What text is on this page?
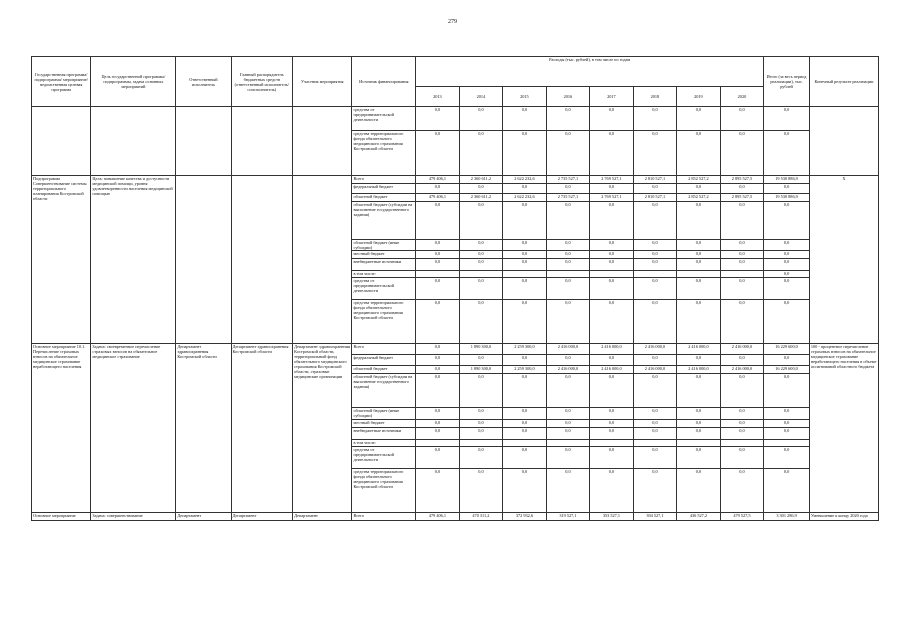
279
Государственная программа/подпрограмма/ мероприятие/ ведомственная целевая программа	Цель государственной программы/подпрограммы, задача основных мероприятий	Ответственный исполнитель	Главный распорядитель бюджетных средств (ответственный исполнитель/ соисполнитель)	Участник мероприятия	Источник финансирования	Расходы (тыс. рублей), в том числе по годам								Итого (за весь период реализации), тыс. рублей	Конечный результат реализации
						2013	2014	2015	2016	2017	2018	2019	2020		
					средства от предпринимательской деятельности	0,0	0,0	0,0	0,0	0,0	0,0	0,0	0,0	0,0	
					средства территориального фонда обязательного медицинского страхования Костромской области	0,0	0,0	0,0	0,0	0,0	0,0	0,0	0,0	0,0	
Подпрограмма Совершенствование системы территориального планирования Костромской области	Цель: повышение качества и доступности медицинской помощи, уровня удовлетворенности населения медицинской помощью				Всего	479 406,1	2 360 611,2	2 622 232,6	2 735 527,1	2 769 527,1	2 810 527,1	2 852 527,2	2 895 527,5	19 530 886,9	X
					федеральный бюджет	0,0	0,0	0,0	0,0	0,0	0,0	0,0	0,0	0,0	
					областной бюджет	479 406,1	2 360 611,2	2 622 232,6	2 735 527,1	2 769 527,1	2 810 527,1	2 852 527,2	2 895 527,5	19 530 886,9	
					областной бюджет (субсидии на выполнение государственного задания)	0,0	0,0	0,0	0,0	0,0	0,0	0,0	0,0	0,0	
					областной бюджет (иные субсидии)	0,0	0,0	0,0	0,0	0,0	0,0	0,0	0,0	0,0	
					местный бюджет	0,0	0,0	0,0	0,0	0,0	0,0	0,0	0,0	0,0	
					внебюджетные источники	0,0	0,0	0,0	0,0	0,0	0,0	0,0	0,0	0,0	
					в том числе:									0,0	
					средства от предпринимательской деятельности	0,0	0,0	0,0	0,0	0,0	0,0	0,0	0,0	0,0	
					средства территориального фонда обязательного медицинского страхования Костромской области	0,0	0,0	0,0	0,0	0,0	0,0	0,0	0,0	0,0	
Основное мероприятие 10.1. Перечисление страховых взносов на обязательное медицинское страхование неработающего населения	Задача: своевременное перечисление страховых взносов на обязательное медицинское страхование	Департамент здравоохранения Костромской области	Департамент здравоохранения Костромской области	Департамент здравоохранения Костромской области, территориальный фонд обязательного медицинского страхования Костромской области, страховые медицинские организации	Всего	0,0	1 890 300,0	2 259 300,0	2 416 000,0	2 416 000,0	2 416 000,0	2 416 000,0	2 416 000,0	16 229 600,0	100 - процентное перечисление страховых взносов на обязательное медицинское страхование неработающего населения в объеме ассигнований областного бюджета
					федеральный бюджет	0,0	0,0	0,0	0,0	0,0	0,0	0,0	0,0	0,0	
					областной бюджет	0,0	1 890 300,0	2 259 300,0	2 416 000,0	2 416 000,0	2 416 000,0	2 416 000,0	2 416 000,0	16 229 600,0	
					областной бюджет (субсидии на выполнение государственного задания)	0,0	0,0	0,0	0,0	0,0	0,0	0,0	0,0	0,0	
					областной бюджет (иные субсидии)	0,0	0,0	0,0	0,0	0,0	0,0	0,0	0,0	0,0	
					местный бюджет	0,0	0,0	0,0	0,0	0,0	0,0	0,0	0,0	0,0	
					внебюджетные источники	0,0	0,0	0,0	0,0	0,0	0,0	0,0	0,0	0,0	
					в том числе:										
					средства от предпринимательской деятельности	0,0	0,0	0,0	0,0	0,0	0,0	0,0	0,0	0,0	
					средства территориального фонда обязательного медицинского страхования Костромской области	0,0	0,0	0,0	0,0	0,0	0,0	0,0	0,0	0,0	
Основное мероприятие	Задача: совершенствование	Департамент	Департамент	Департамент	Всего	479 406,1	470 311,2	372 932,6	319 527,1	353 527,1	394 527,1	436 527,2	479 527,5	3 301 286,9	Уменьшение к концу 2020 года
